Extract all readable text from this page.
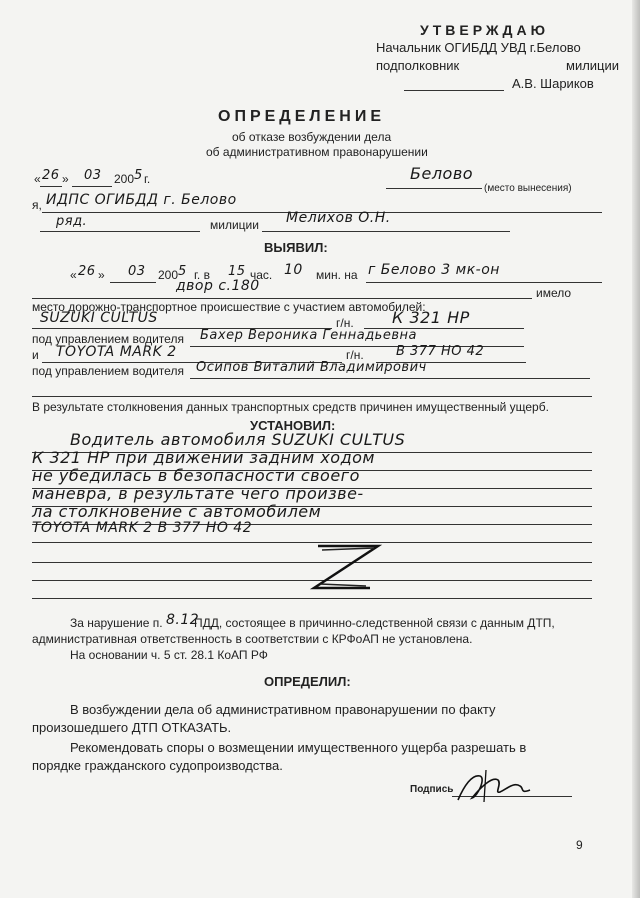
УТВЕРЖДАЮ
Начальник ОГИБДД УВД г.Белово
подполковник	милиции
А.В. Шариков
ОПРЕДЕЛЕНИЕ
об отказе возбуждении дела
об административном правонарушении
« 26 » 03 200 5 г.	Белово
(место вынесения)
я, ИДПС ОГИБДД г. Белово
ряд.	милиции Мелихов О.Н.
ВЫЯВИЛ:
« 26 » 03 200 5 г. в 15 час. 10 мин. на г Белово 3 мк-он
двор с.180	имело
место дорожно-транспортное происшествие с участием автомобилей:
SUZUKI CULTUS	г/н. К 321 НР
под управлением водителя Бахер Вероника Геннадьевна
и TOYOTA MARK 2	г/н. В 377 НО 42
под управлением водителя Осипов Виталий Владимирович
В результате столкновения данных транспортных средств причинен имущественный ущерб.
УСТАНОВИЛ:
Водитель автомобиля SUZUKI CULTUS
К 321 НР при движении задним ходом
не убедилась в безопасности своего
маневра, в результате чего произве-
ла столкновение с автомобилем
TOYOTA MARK 2 В 377 НО 42
За нарушение п. 8.12
ПДД, состоящее в причинно-следственной связи с данным ДТП,
административная ответственность в соответствии с КРФоАП не установлена.
На основании ч. 5 ст. 28.1 КоАП РФ
ОПРЕДЕЛИЛ:
В возбуждении дела об административном правонарушении по факту
произошедшего ДТП ОТКАЗАТЬ.
Рекомендовать споры о возмещении имущественного ущерба разрешать в
порядке гражданского судопроизводства.
Подпись
9
